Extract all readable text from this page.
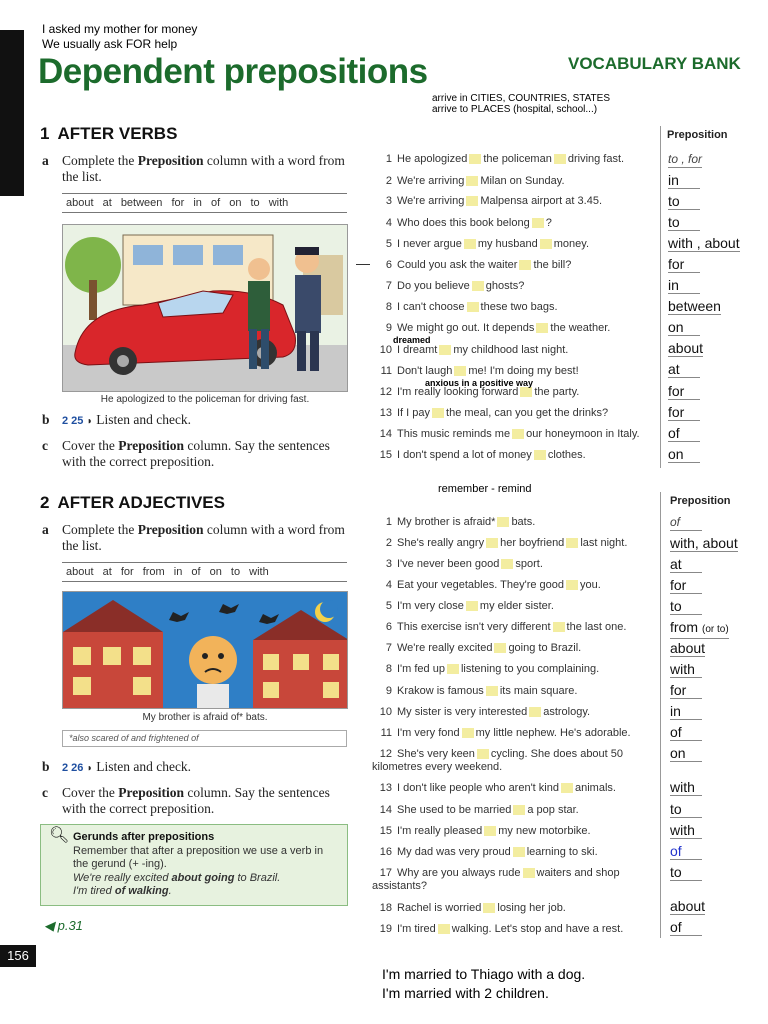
I asked my mother for money
We usually ask FOR help
Dependent prepositions	VOCABULARY BANK
arrive in CITIES, COUNTRIES, STATES
arrive to PLACES (hospital, school...)
1 AFTER VERBS
a Complete the Preposition column with a word from the list.
about at between for in of on to with
He apologized to the policeman for driving fast.
b 2 25 ◗ Listen and check.
c Cover the Preposition column. Say the sentences with the correct preposition.
Preposition
1 He apologized the policeman driving fast.
2 We're arriving Milan on Sunday.
3 We're arriving Malpensa airport at 3.45.
4 Who does this book belong ?
5 I never argue my husband money.
6 Could you ask the waiter the bill?
7 Do you believe ghosts?
8 I can't choose these two bags.
9 We might go out. It depends the weather.
10 I dreamt my childhood last night.
11 Don't laugh me! I'm doing my best!
12 I'm really looking forward the party.
13 If I pay the meal, can you get the drinks?
14 This music reminds me our honeymoon in Italy.
15 I don't spend a lot of money clothes.
to , for
in
to
to
with , about
for
in
between
on
about
at
for
for
of
on
dreamed
anxious in a positive way
remember - remind
2 AFTER ADJECTIVES
a Complete the Preposition column with a word from the list.
about at for from in of on to with
My brother is afraid of* bats.
*also scared of and frightened of
b 2 26 ◗ Listen and check.
c Cover the Preposition column. Say the sentences with the correct preposition.
🔍︎ Gerunds after prepositions
Remember that after a preposition we use a verb in the gerund (+ -ing).
We're really excited about going to Brazil.
I'm tired of walking.
◀ p.31
156
Preposition
1 My brother is afraid* bats.
2 She's really angry her boyfriend last night.
3 I've never been good sport.
4 Eat your vegetables. They're good you.
5 I'm very close my elder sister.
6 This exercise isn't very different the last one.
7 We're really excited going to Brazil.
8 I'm fed up listening to you complaining.
9 Krakow is famous its main square.
10 My sister is very interested astrology.
11 I'm very fond my little nephew. He's adorable.
12 She's very keen cycling. She does about 50 kilometres every weekend.
13 I don't like people who aren't kind animals.
14 She used to be married a pop star.
15 I'm really pleased my new motorbike.
16 My dad was very proud learning to ski.
17 Why are you always rude waiters and shop assistants?
18 Rachel is worried losing her job.
19 I'm tired walking. Let's stop and have a rest.
of
with, about
at
for
to
from (or to)
about
with
for
in
of
on
with
to
with
of
to
about
of
I'm married to Thiago with a dog.
I'm married with 2 children.
